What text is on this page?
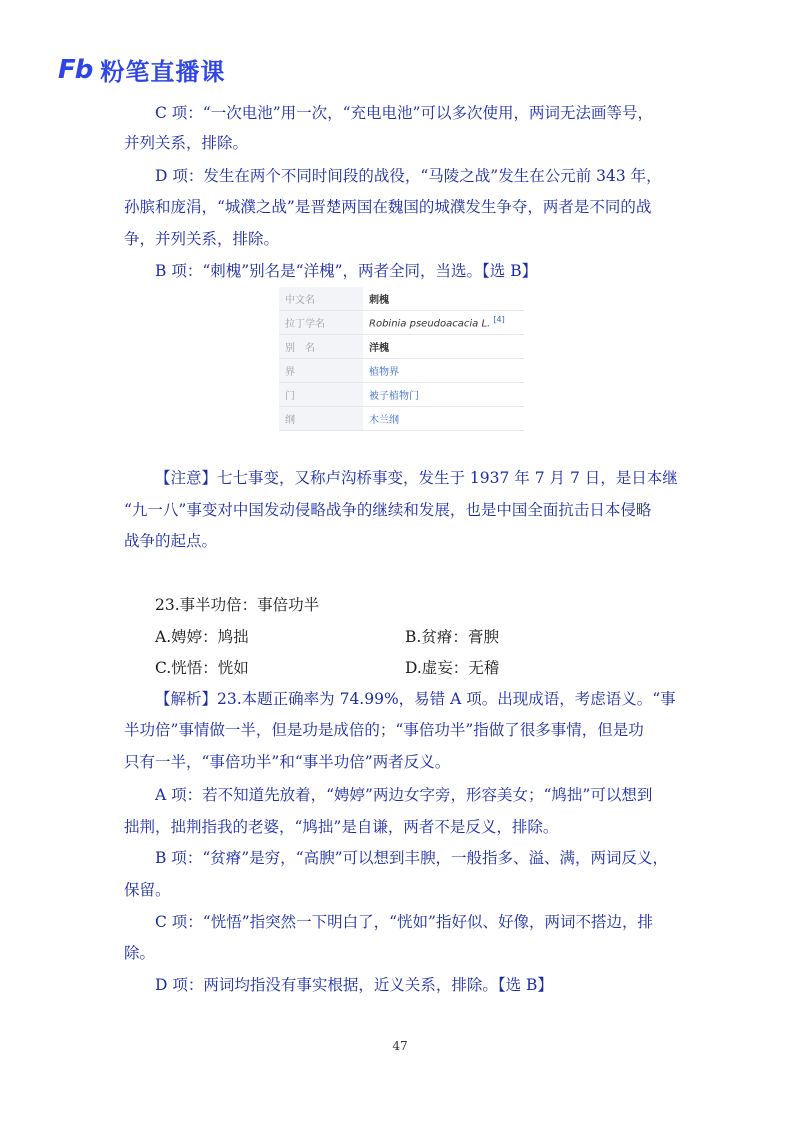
Fb 粉笔直播课

C 项：“一次电池”用一次，“充电电池”可以多次使用，两词无法画等号，

并列关系，排除。

D 项：发生在两个不同时间段的战役，“马陵之战”发生在公元前 343 年，

孙膑和庞涓，“城濮之战”是晋楚两国在魏国的城濮发生争夺，两者是不同的战

争，并列关系，排除。

B 项：“刺槐”别名是“洋槐”，两者全同，当选。【选 B】

【注意】七七事变，又称卢沟桥事变，发生于 1937 年 7 月 7 日，是日本继

“九一八”事变对中国发动侵略战争的继续和发展，也是中国全面抗击日本侵略

战争的起点。

23.事半功倍：事倍功半

【解析】23.本题正确率为 74.99%，易错 A 项。出现成语，考虑语义。“事

半功倍”事情做一半，但是功是成倍的；“事倍功半”指做了很多事情，但是功

只有一半，“事倍功半”和“事半功倍”两者反义。

A 项：若不知道先放着，“娉婷”两边女字旁，形容美女；“鸠拙”可以想到

拙荆，拙荆指我的老婆，“鸠拙”是自谦，两者不是反义，排除。

B 项：“贫瘠”是穷，“高腴”可以想到丰腴，一般指多、溢、满，两词反义，

保留。

C 项：“恍悟”指突然一下明白了，“恍如”指好似、好像，两词不搭边，排

除。

D 项：两词均指没有事实根据，近义关系，排除。【选 B】

A.娉婷：鸠拙	B.贫瘠：膏腴
C.恍悟：恍如	D.虚妄：无稽
中文名	刺槐
拉丁学名	Robinia pseudoacacia L. [4]
别　名	洋槐
界	植物界
门	被子植物门
纲	木兰纲
47
